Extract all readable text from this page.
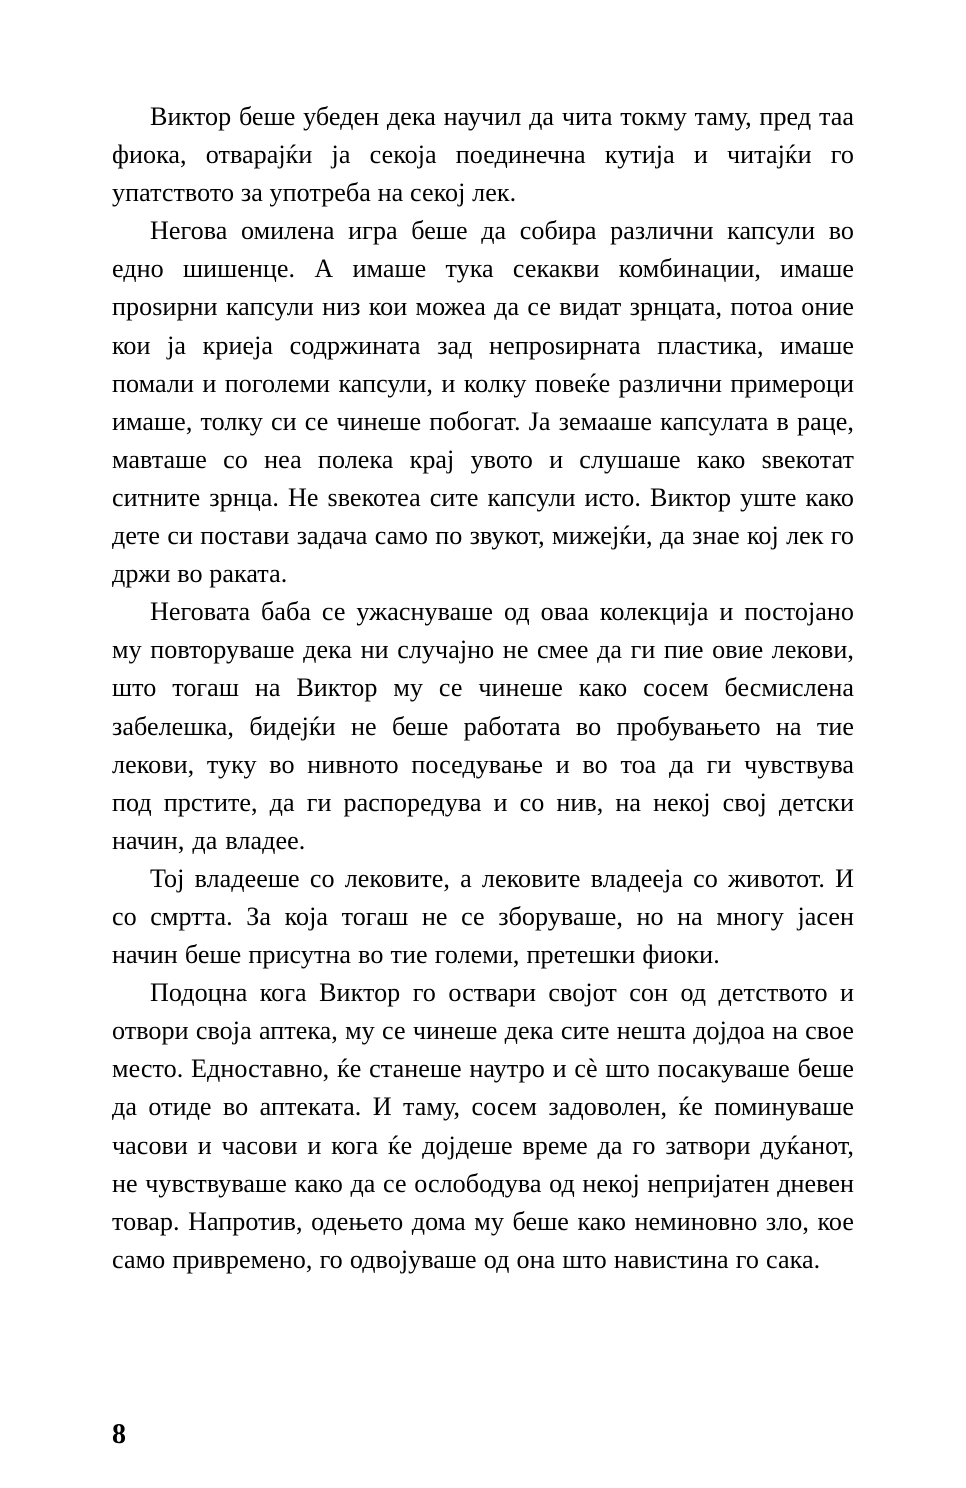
Виктор беше убеден дека научил да чита токму таму, пред таа фиока, отварајќи ја секоја поединечна кутија и читајќи го упатството за употреба на секој лек.

Негова омилена игра беше да собира различни капсули во едно шишенце. А имаше тука секакви комбинации, имаше проѕирни капсули низ кои можеа да се видат зрнцата, потоа оние кои ја криеја содржината зад непроѕирната пластика, имаше помали и поголеми капсули, и колку повеќе различни примероци имаше, толку си се чинеше побогат. Ја земааше капсулата в раце, мавташе со неа полека крај увото и слушаше како ѕвекотат ситните зрнца. Не ѕвекотеа сите капсули исто. Виктор уште како дете си постави задача само по звукот, мижејќи, да знае кој лек го држи во раката.

Неговата баба се ужаснуваше од оваа колекција и постојано му повторуваше дека ни случајно не смее да ги пие овие лекови, што тогаш на Виктор му се чинеше како сосем бесмислена забелешка, бидејќи не беше работата во пробувањето на тие лекови, туку во нивното поседување и во тоа да ги чувствува под прстите, да ги распоредува и со нив, на некој свој детски начин, да владее.

Тој владееше со лековите, а лековите владееја со животот. И со смртта. За која тогаш не се зборуваше, но на многу јасен начин беше присутна во тие големи, претешки фиоки.

Подоцна кога Виктор го оствари својот сон од детството и отвори своја аптека, му се чинеше дека сите нешта дојдоа на свое место. Едноставно, ќе станеше наутро и сè што посакуваше беше да отиде во аптеката. И таму, сосем задоволен, ќе поминуваше часови и часови и кога ќе дојдеше време да го затвори дуќанот, не чувствуваше како да се ослободува од некој непријатен дневен товар. Напротив, одењето дома му беше како неминовно зло, кое само привремено, го одвојуваше од она што навистина го сака.

8
